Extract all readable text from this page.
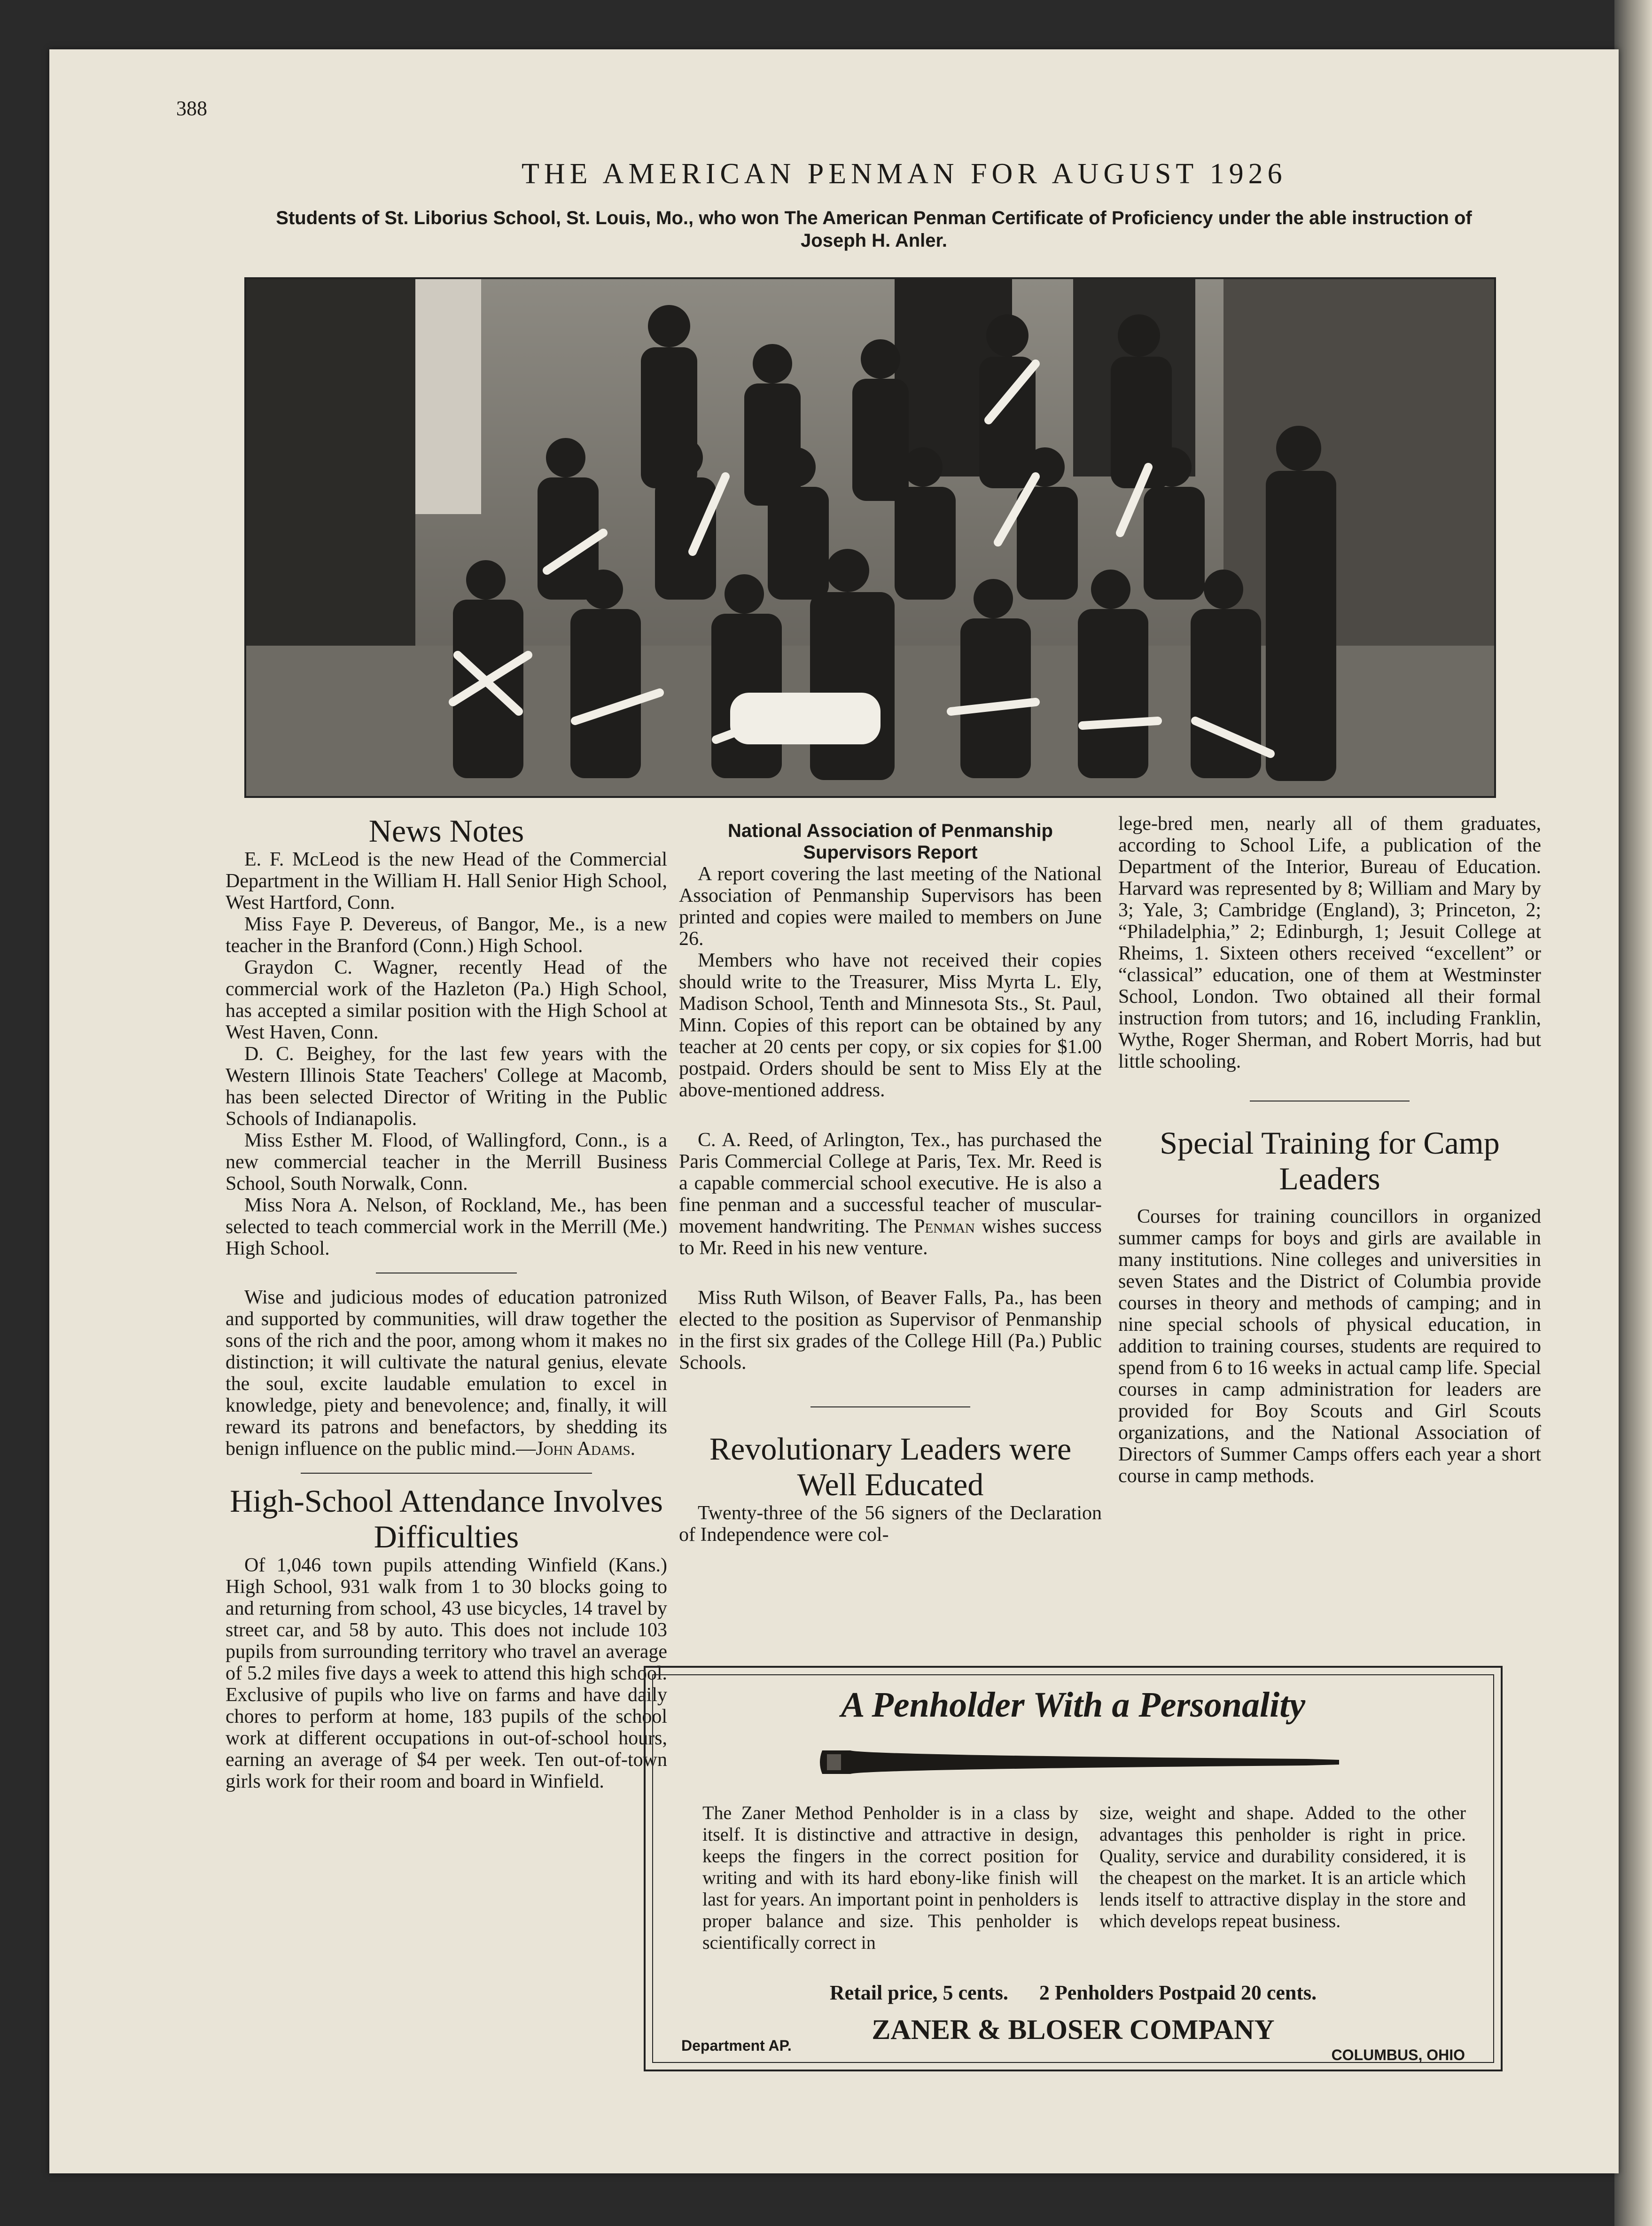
388
THE AMERICAN PENMAN FOR AUGUST 1926
Students of St. Liborius School, St. Louis, Mo., who won The American Penman Certificate of Proficiency under the able instruction of Joseph H. Anler.
News Notes

E. F. McLeod is the new Head of the Commercial Department in the William H. Hall Senior High School, West Hartford, Conn.

Miss Faye P. Devereus, of Bangor, Me., is a new teacher in the Branford (Conn.) High School.

Graydon C. Wagner, recently Head of the commercial work of the Hazleton (Pa.) High School, has accepted a similar position with the High School at West Haven, Conn.

D. C. Beighey, for the last few years with the Western Illinois State Teachers' College at Macomb, has been selected Director of Writing in the Public Schools of Indianapolis.

Miss Esther M. Flood, of Wallingford, Conn., is a new commercial teacher in the Merrill Business School, South Norwalk, Conn.

Miss Nora A. Nelson, of Rockland, Me., has been selected to teach commercial work in the Merrill (Me.) High School.

Wise and judicious modes of education patronized and supported by communities, will draw together the sons of the rich and the poor, among whom it makes no distinction; it will cultivate the natural genius, elevate the soul, excite laudable emulation to excel in knowledge, piety and benevolence; and, finally, it will reward its patrons and benefactors, by shedding its benign influence on the public mind.—John Adams.

High-School Attendance Involves Difficulties

Of 1,046 town pupils attending Winfield (Kans.) High School, 931 walk from 1 to 30 blocks going to and returning from school, 43 use bicycles, 14 travel by street car, and 58 by auto. This does not include 103 pupils from surrounding territory who travel an average of 5.2 miles five days a week to attend this high school. Exclusive of pupils who live on farms and have daily chores to perform at home, 183 pupils of the school work at different occupations in out-of-school hours, earning an average of $4 per week. Ten out-of-town girls work for their room and board in Winfield.

National Association of Penmanship Supervisors Report

A report covering the last meeting of the National Association of Penmanship Supervisors has been printed and copies were mailed to members on June 26.

Members who have not received their copies should write to the Treasurer, Miss Myrta L. Ely, Madison School, Tenth and Minnesota Sts., St. Paul, Minn. Copies of this report can be obtained by any teacher at 20 cents per copy, or six copies for $1.00 postpaid. Orders should be sent to Miss Ely at the above-mentioned address.

C. A. Reed, of Arlington, Tex., has purchased the Paris Commercial College at Paris, Tex. Mr. Reed is a capable commercial school executive. He is also a fine penman and a successful teacher of muscular-movement handwriting. The Penman wishes success to Mr. Reed in his new venture.

Miss Ruth Wilson, of Beaver Falls, Pa., has been elected to the position as Supervisor of Penmanship in the first six grades of the College Hill (Pa.) Public Schools.

Revolutionary Leaders were Well Educated

Twenty-three of the 56 signers of the Declaration of Independence were col-

lege-bred men, nearly all of them graduates, according to School Life, a publication of the Department of the Interior, Bureau of Education. Harvard was represented by 8; William and Mary by 3; Yale, 3; Cambridge (England), 3; Princeton, 2; “Philadelphia,” 2; Edinburgh, 1; Jesuit College at Rheims, 1. Sixteen others received “excellent” or “classical” education, one of them at Westminster School, London. Two obtained all their formal instruction from tutors; and 16, including Franklin, Wythe, Roger Sherman, and Robert Morris, had but little schooling.

Special Training for Camp Leaders

Courses for training councillors in organized summer camps for boys and girls are available in many institutions. Nine colleges and universities in seven States and the District of Columbia provide courses in theory and methods of camping; and in nine special schools of physical education, in addition to training courses, students are required to spend from 6 to 16 weeks in actual camp life. Special courses in camp administration for leaders are provided for Boy Scouts and Girl Scouts organizations, and the National Association of Directors of Summer Camps offers each year a short course in camp methods.

A Penholder With a Personality

The Zaner Method Penholder is in a class by itself. It is distinctive and attractive in design, keeps the fingers in the correct position for writing and with its hard ebony-like finish will last for years. An important point in penholders is proper balance and size. This penholder is scientifically correct in

size, weight and shape. Added to the other advantages this penholder is right in price. Quality, service and durability considered, it is the cheapest on the market. It is an article which lends itself to attractive display in the store and which develops repeat business.

Retail price, 5 cents.      2 Penholders Postpaid 20 cents.
ZANER & BLOSER COMPANY
Department AP.
COLUMBUS, OHIO
